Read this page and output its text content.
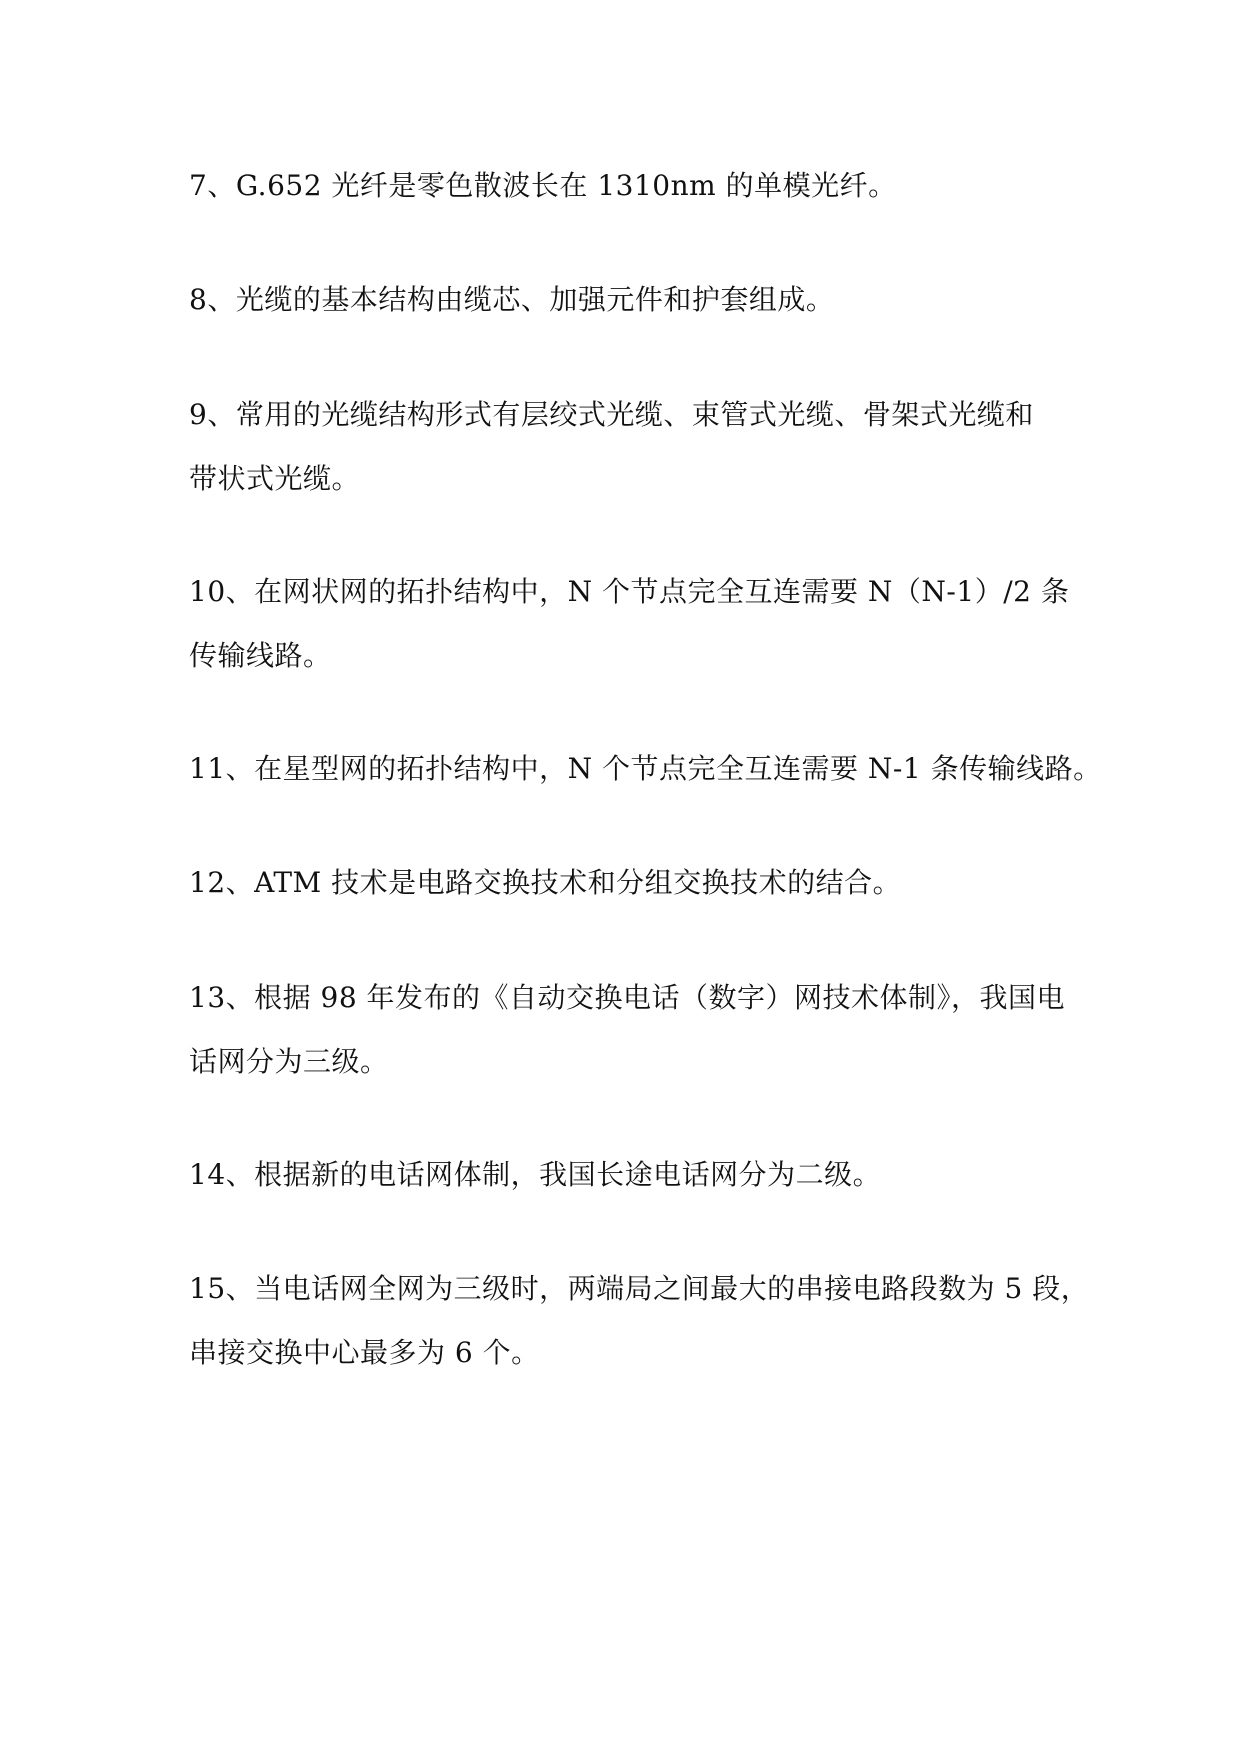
7、G.652 光纤是零色散波长在 1310nm 的单模光纤。

8、光缆的基本结构由缆芯、加强元件和护套组成。

9、常用的光缆结构形式有层绞式光缆、束管式光缆、骨架式光缆和
带状式光缆。

10、在网状网的拓扑结构中，N 个节点完全互连需要 N（N-1）/2 条
传输线路。

11、在星型网的拓扑结构中，N 个节点完全互连需要 N-1 条传输线路。

12、ATM 技术是电路交换技术和分组交换技术的结合。

13、根据 98 年发布的《自动交换电话（数字）网技术体制》，我国电
话网分为三级。

14、根据新的电话网体制，我国长途电话网分为二级。

15、当电话网全网为三级时，两端局之间最大的串接电路段数为 5 段，
串接交换中心最多为 6 个。
